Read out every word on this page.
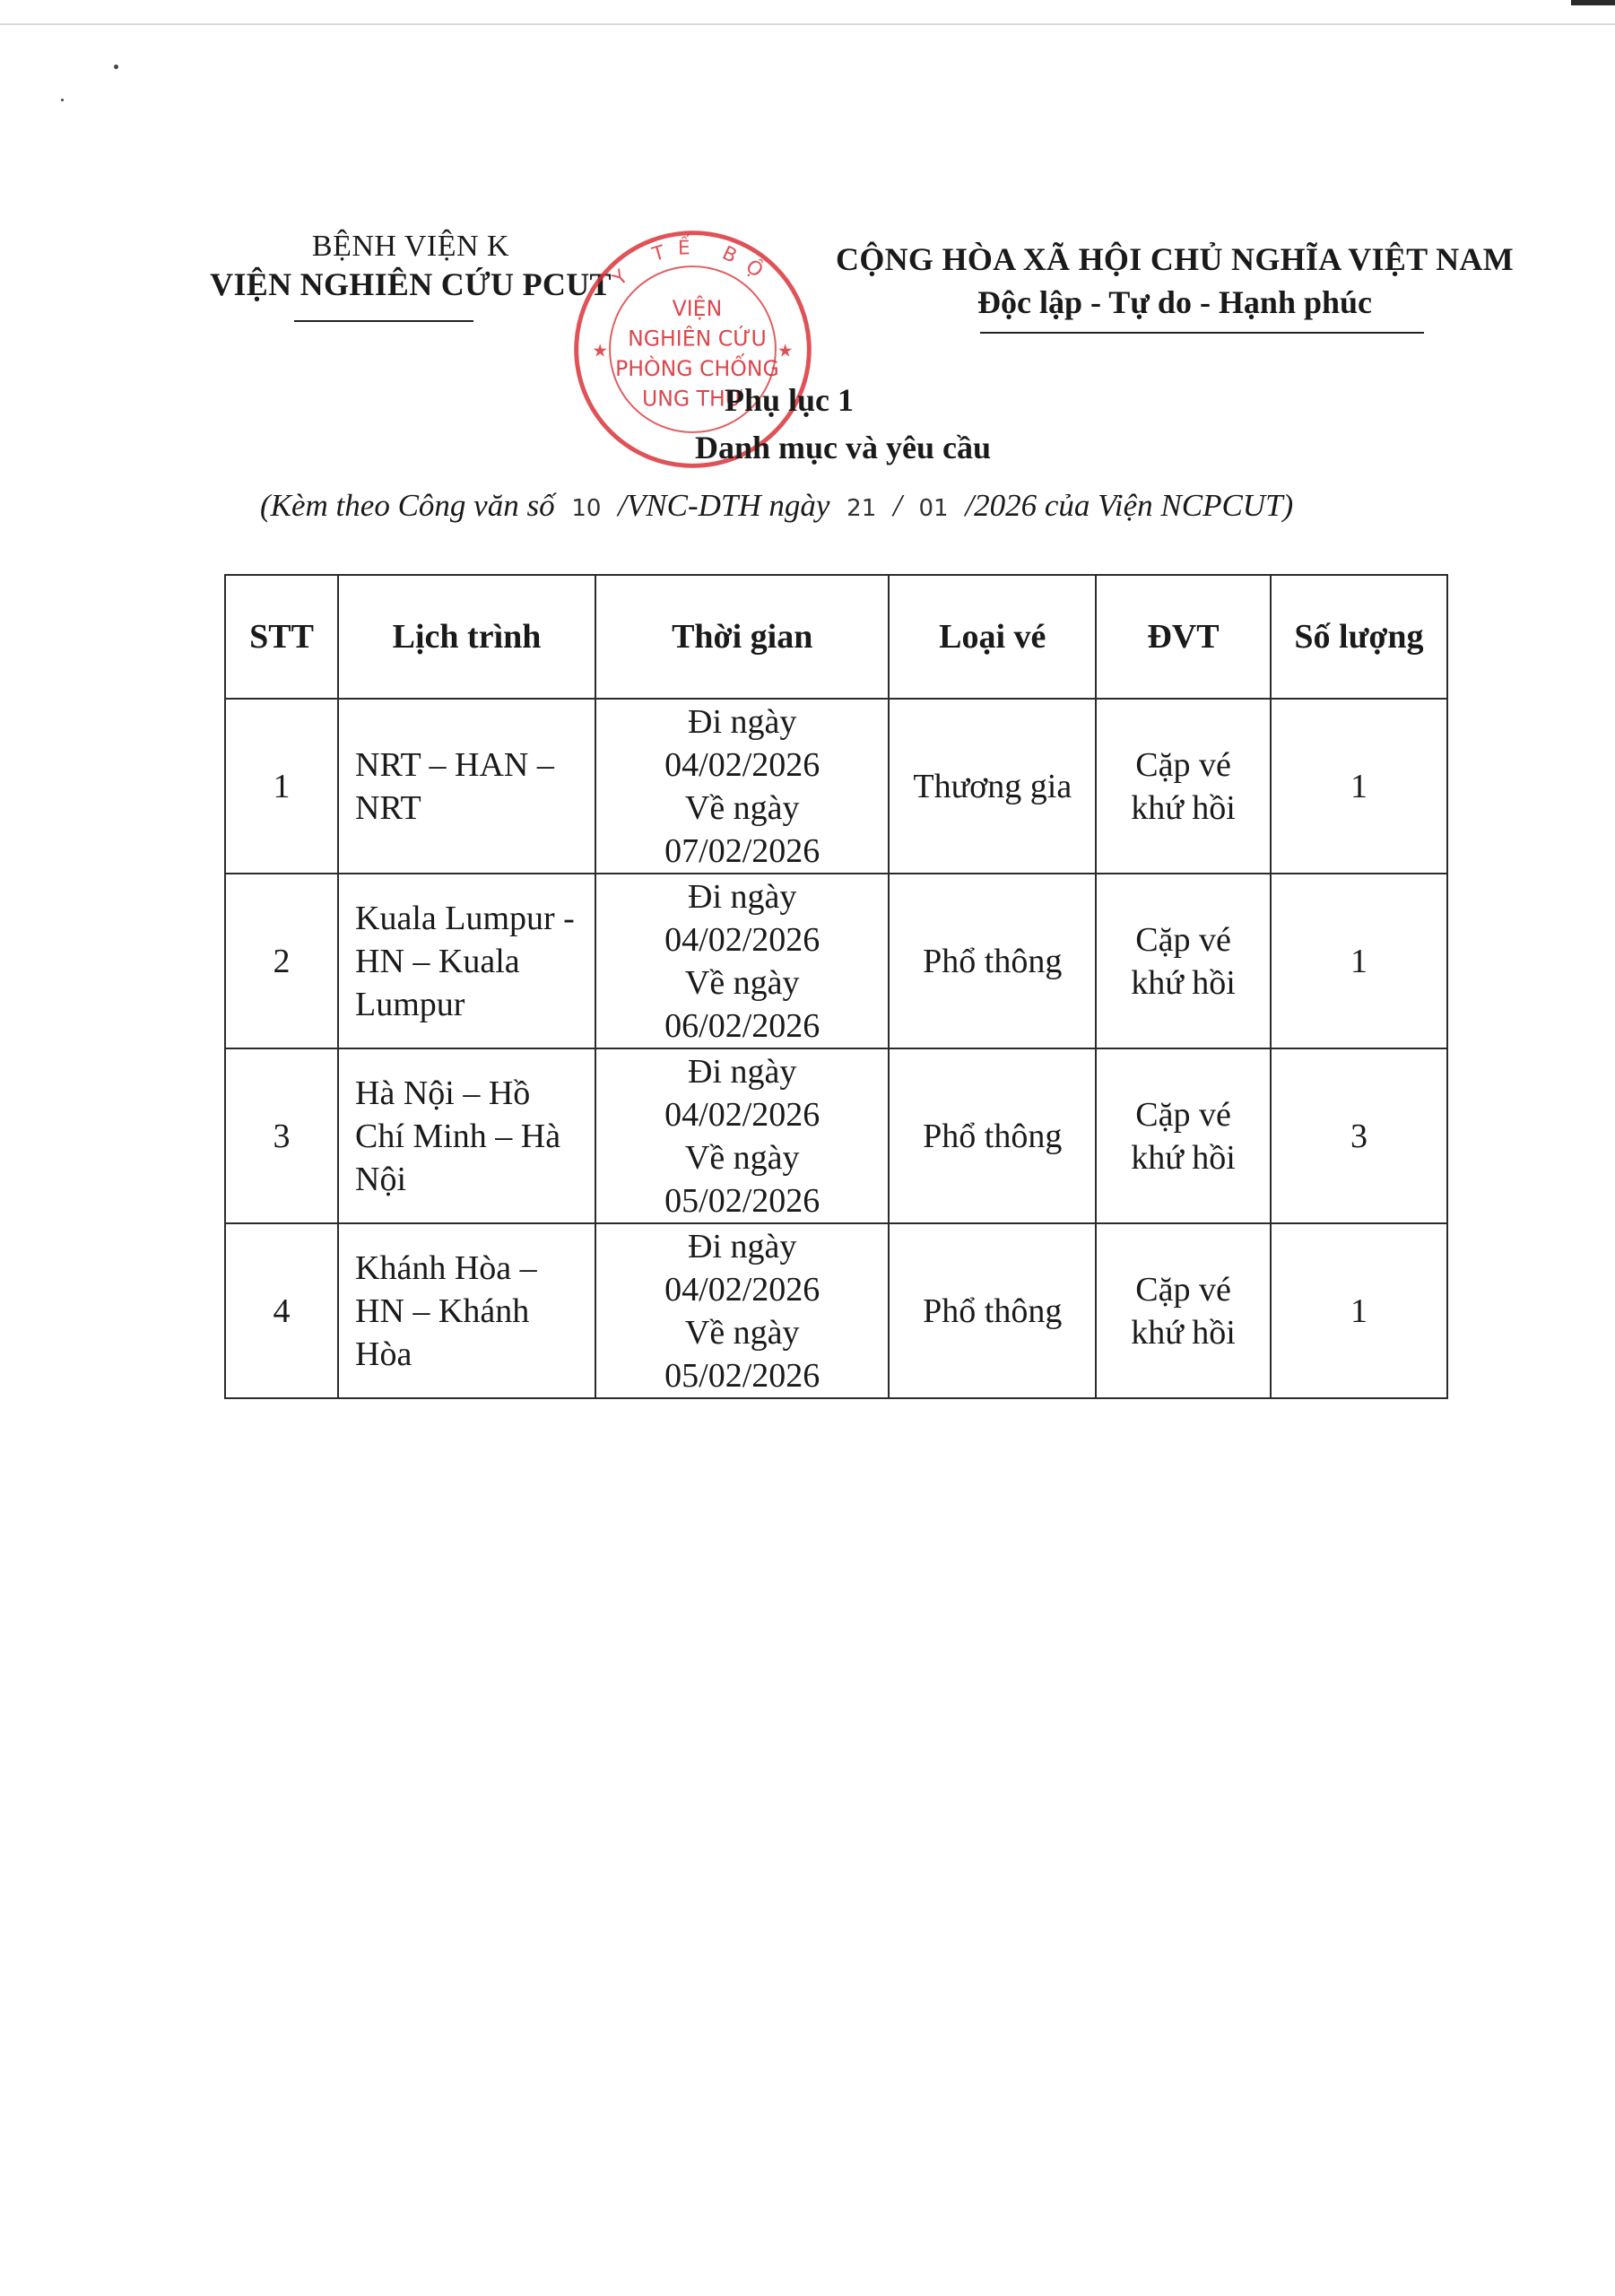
BỆNH VIỆN K
VIỆN NGHIÊN CỨU PCUT
CỘNG HÒA XÃ HỘI CHỦ NGHĨA VIỆT NAM
Độc lập - Tự do - Hạnh phúc
Y TẾ BỘ
★	★
VIỆN
NGHIÊN CỨU
PHÒNG CHỐNG
UNG THƯ
Phụ lục 1
Danh mục và yêu cầu
(Kèm theo Công văn số 10 /VNC-DTH ngày 21 / 01 /2026 của Viện NCPCUT)
STT	Lịch trình	Thời gian	Loại vé	ĐVT	Số lượng
1	NRT – HAN – NRT	Đi ngày
04/02/2026
Về ngày
07/02/2026	Thương gia	Cặp vé khứ hồi	1
2	Kuala Lumpur - HN – Kuala Lumpur	Đi ngày
04/02/2026
Về ngày
06/02/2026	Phổ thông	Cặp vé khứ hồi	1
3	Hà Nội – Hồ Chí Minh – Hà Nội	Đi ngày
04/02/2026
Về ngày
05/02/2026	Phổ thông	Cặp vé khứ hồi	3
4	Khánh Hòa – HN – Khánh Hòa	Đi ngày
04/02/2026
Về ngày
05/02/2026	Phổ thông	Cặp vé khứ hồi	1
